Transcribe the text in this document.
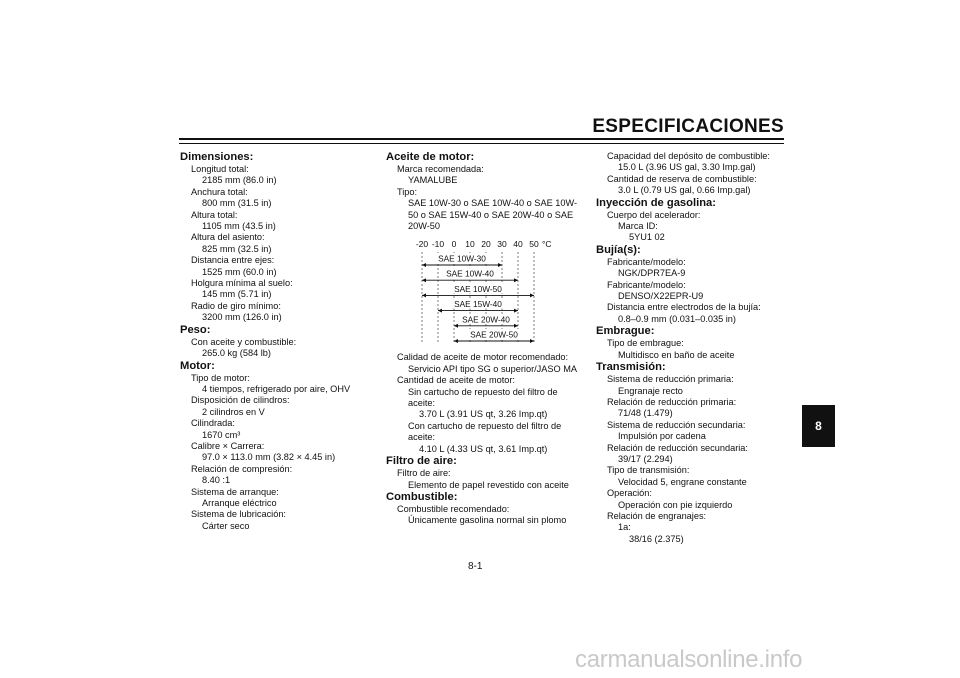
ESPECIFICACIONES
8
Dimensiones:
Longitud total:
2185 mm (86.0 in)
Anchura total:
800 mm (31.5 in)
Altura total:
1105 mm (43.5 in)
Altura del asiento:
825 mm (32.5 in)
Distancia entre ejes:
1525 mm (60.0 in)
Holgura mínima al suelo:
145 mm (5.71 in)
Radio de giro mínimo:
3200 mm (126.0 in)
Peso:
Con aceite y combustible:
265.0 kg (584 lb)
Motor:
Tipo de motor:
4 tiempos, refrigerado por aire, OHV
Disposición de cilindros:
2 cilindros en V
Cilindrada:
1670 cm³
Calibre × Carrera:
97.0 × 113.0 mm (3.82 × 4.45 in)
Relación de compresión:
8.40 :1
Sistema de arranque:
Arranque eléctrico
Sistema de lubricación:
Cárter seco
Aceite de motor:
Marca recomendada:
YAMALUBE
Tipo:
SAE 10W-30 o SAE 10W-40 o SAE 10W-
50 o SAE 15W-40 o SAE 20W-40 o SAE
20W-50
-20 -10 0 10 20 30 40 50 °C
SAE 10W-30
SAE 10W-40
SAE 10W-50
SAE 15W-40
SAE 20W-40
SAE 20W-50
Calidad de aceite de motor recomendado:
Servicio API tipo SG o superior/JASO MA
Cantidad de aceite de motor:
Sin cartucho de repuesto del filtro de
aceite:
3.70 L (3.91 US qt, 3.26 Imp.qt)
Con cartucho de repuesto del filtro de
aceite:
4.10 L (4.33 US qt, 3.61 Imp.qt)
Filtro de aire:
Filtro de aire:
Elemento de papel revestido con aceite
Combustible:
Combustible recomendado:
Únicamente gasolina normal sin plomo
Capacidad del depósito de combustible:
15.0 L (3.96 US gal, 3.30 Imp.gal)
Cantidad de reserva de combustible:
3.0 L (0.79 US gal, 0.66 Imp.gal)
Inyección de gasolina:
Cuerpo del acelerador:
Marca ID:
5YU1 02
Bujía(s):
Fabricante/modelo:
NGK/DPR7EA-9
Fabricante/modelo:
DENSO/X22EPR-U9
Distancia entre electrodos de la bujía:
0.8–0.9 mm (0.031–0.035 in)
Embrague:
Tipo de embrague:
Multidisco en baño de aceite
Transmisión:
Sistema de reducción primaria:
Engranaje recto
Relación de reducción primaria:
71/48 (1.479)
Sistema de reducción secundaria:
Impulsión por cadena
Relación de reducción secundaria:
39/17 (2.294)
Tipo de transmisión:
Velocidad 5, engrane constante
Operación:
Operación con pie izquierdo
Relación de engranajes:
1a:
38/16 (2.375)
8-1
carmanualsonline.info
